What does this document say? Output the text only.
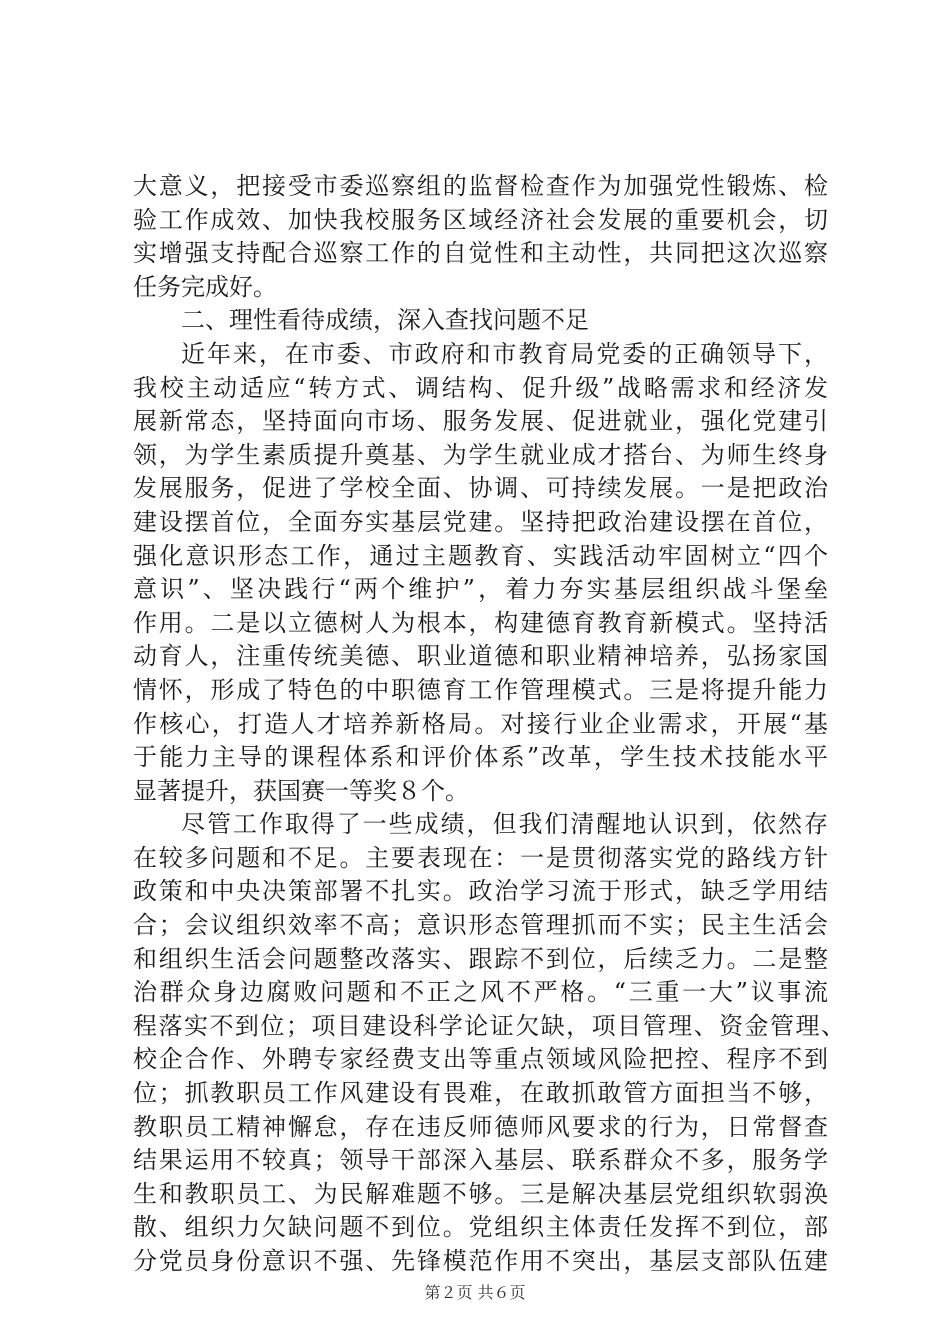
大意义，把接受市委巡察组的监督检查作为加强党性锻炼、检
验工作成效、加快我校服务区域经济社会发展的重要机会，切
实增强支持配合巡察工作的自觉性和主动性，共同把这次巡察
任务完成好。
二、理性看待成绩，深入查找问题不足
近年来，在市委、市政府和市教育局党委的正确领导下，
我校主动适应“转方式、调结构、促升级”战略需求和经济发
展新常态，坚持面向市场、服务发展、促进就业，强化党建引
领，为学生素质提升奠基、为学生就业成才搭台、为师生终身
发展服务，促进了学校全面、协调、可持续发展。一是把政治
建设摆首位，全面夯实基层党建。坚持把政治建设摆在首位，
强化意识形态工作，通过主题教育、实践活动牢固树立“四个
意识”、坚决践行“两个维护”，着力夯实基层组织战斗堡垒
作用。二是以立德树人为根本，构建德育教育新模式。坚持活
动育人，注重传统美德、职业道德和职业精神培养，弘扬家国
情怀，形成了特色的中职德育工作管理模式。三是将提升能力
作核心，打造人才培养新格局。对接行业企业需求，开展“基
于能力主导的课程体系和评价体系”改革，学生技术技能水平
显著提升，获国赛一等奖８个。
尽管工作取得了一些成绩，但我们清醒地认识到，依然存
在较多问题和不足。主要表现在：一是贯彻落实党的路线方针
政策和中央决策部署不扎实。政治学习流于形式，缺乏学用结
合；会议组织效率不高；意识形态管理抓而不实；民主生活会
和组织生活会问题整改落实、跟踪不到位，后续乏力。二是整
治群众身边腐败问题和不正之风不严格。“三重一大”议事流
程落实不到位；项目建设科学论证欠缺，项目管理、资金管理、
校企合作、外聘专家经费支出等重点领域风险把控、程序不到
位；抓教职员工作风建设有畏难，在敢抓敢管方面担当不够，
教职员工精神懈怠，存在违反师德师风要求的行为，日常督查
结果运用不较真；领导干部深入基层、联系群众不多，服务学
生和教职员工、为民解难题不够。三是解决基层党组织软弱涣
散、组织力欠缺问题不到位。党组织主体责任发挥不到位，部
分党员身份意识不强、先锋模范作用不突出，基层支部队伍建
第２页 共６页
